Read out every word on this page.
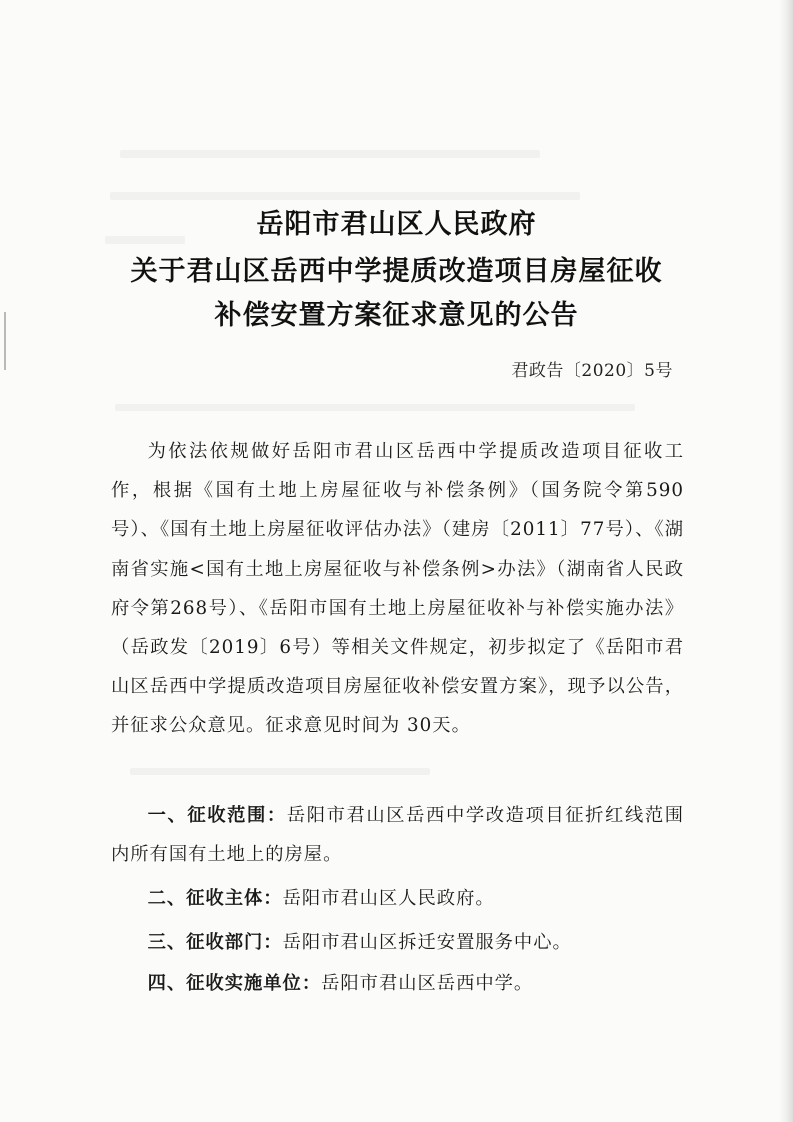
岳阳市君山区人民政府
关于君山区岳西中学提质改造项目房屋征收
补偿安置方案征求意见的公告
君政告〔2020〕5号

为依法依规做好岳阳市君山区岳西中学提质改造项目征收工作，根据《国有土地上房屋征收与补偿条例》（国务院令第590号）、《国有土地上房屋征收评估办法》（建房〔2011〕77号）、《湖南省实施<国有土地上房屋征收与补偿条例>办法》（湖南省人民政府令第268号）、《岳阳市国有土地上房屋征收补与补偿实施办法》（岳政发〔2019〕6号）等相关文件规定，初步拟定了《岳阳市君山区岳西中学提质改造项目房屋征收补偿安置方案》，现予以公告，并征求公众意见。征求意见时间为 30天。

一、征收范围：岳阳市君山区岳西中学改造项目征折红线范围内所有国有土地上的房屋。

二、征收主体：岳阳市君山区人民政府。

三、征收部门：岳阳市君山区拆迁安置服务中心。

四、征收实施单位：岳阳市君山区岳西中学。
